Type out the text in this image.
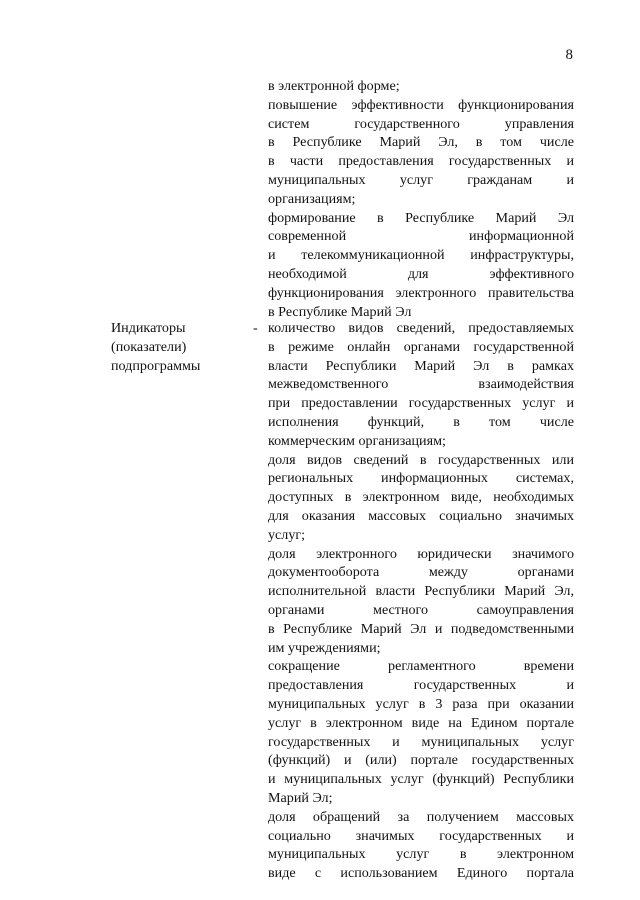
8
в электронной форме;
повышение эффективности функционирования
систем государственного управления
в Республике Марий Эл, в том числе
в части предоставления государственных и
муниципальных услуг гражданам и
организациям;
формирование в Республике Марий Эл
современной информационной
и телекоммуникационной инфраструктуры,
необходимой для эффективного
функционирования электронного правительства
в Республике Марий Эл
Индикаторы
(показатели)
подпрограммы
- количество видов сведений, предоставляемых
в режиме онлайн органами государственной
власти Республики Марий Эл в рамках
межведомственного взаимодействия
при предоставлении государственных услуг и
исполнения функций, в том числе
коммерческим организациям;
доля видов сведений в государственных или
региональных информационных системах,
доступных в электронном виде, необходимых
для оказания массовых социально значимых
услуг;
доля электронного юридически значимого
документооборота между органами
исполнительной власти Республики Марий Эл,
органами местного самоуправления
в Республике Марий Эл и подведомственными
им учреждениями;
сокращение регламентного времени
предоставления государственных и
муниципальных услуг в 3 раза при оказании
услуг в электронном виде на Едином портале
государственных и муниципальных услуг
(функций) и (или) портале государственных
и муниципальных услуг (функций) Республики
Марий Эл;
доля обращений за получением массовых
социально значимых государственных и
муниципальных услуг в электронном
виде с использованием Единого портала
